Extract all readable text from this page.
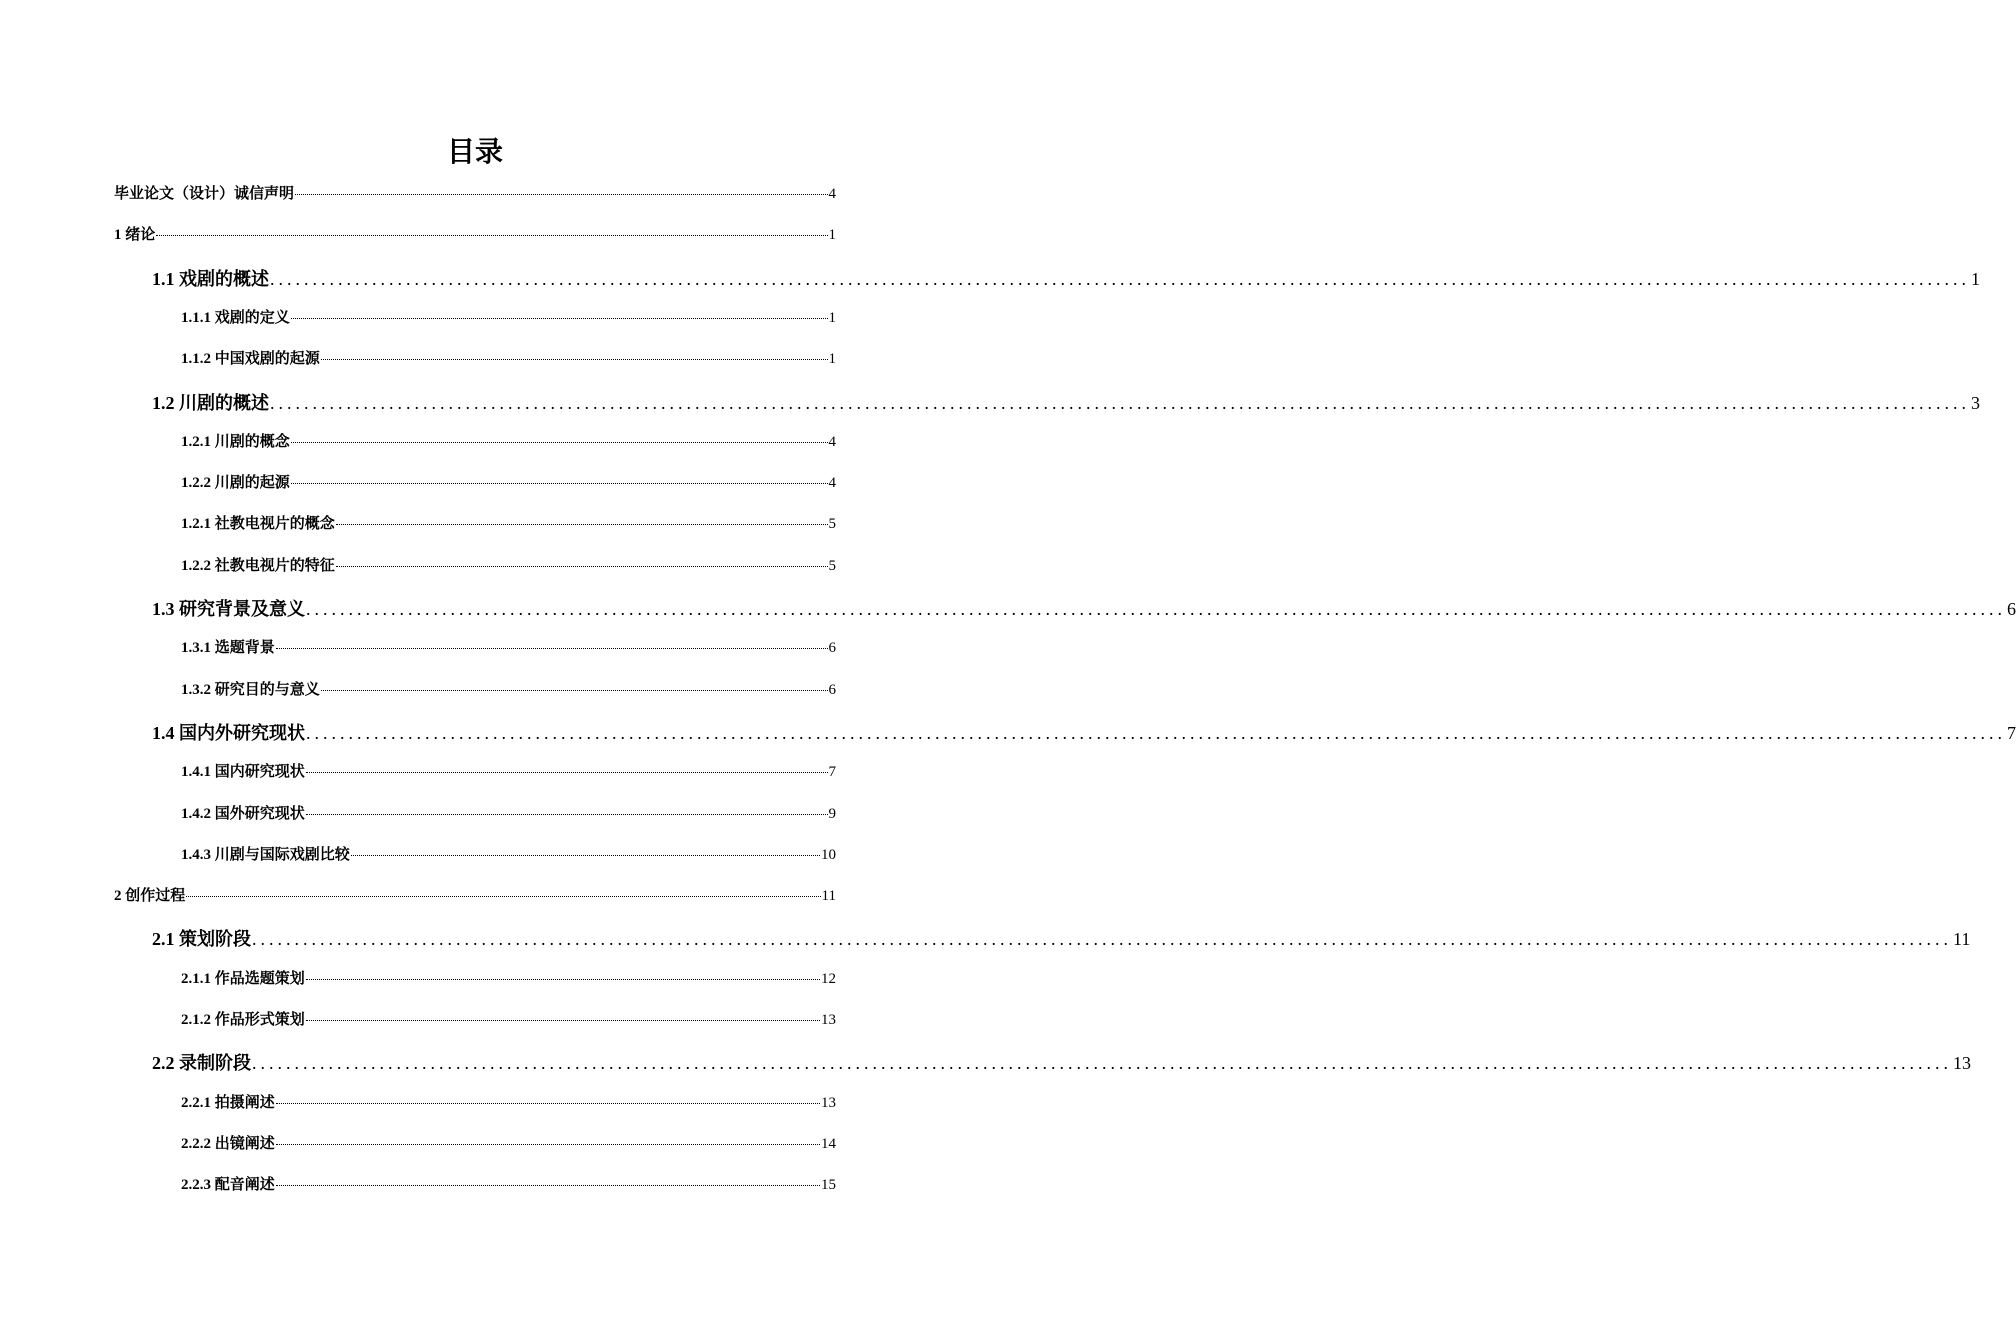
目录
毕业论文（设计）诚信声明	4
1 绪论	1
1.1 戏剧的概述 ........................................................................................................................................................................................................ 1
1.1.1 戏剧的定义	1
1.1.2 中国戏剧的起源	1
1.2 川剧的概述 ........................................................................................................................................................................................................ 3
1.2.1 川剧的概念	4
1.2.2 川剧的起源	4
1.2.1 社教电视片的概念	5
1.2.2 社教电视片的特征	5
1.3 研究背景及意义 ........................................................................................................................................................................................................ 6
1.3.1 选题背景	6
1.3.2 研究目的与意义	6
1.4 国内外研究现状 ........................................................................................................................................................................................................ 7
1.4.1 国内研究现状	7
1.4.2 国外研究现状	9
1.4.3 川剧与国际戏剧比较	10
2 创作过程	11
2.1 策划阶段 ........................................................................................................................................................................................................ 11
2.1.1 作品选题策划	12
2.1.2 作品形式策划	13
2.2 录制阶段 ........................................................................................................................................................................................................ 13
2.2.1 拍摄阐述	13
2.2.2 出镜阐述	14
2.2.3 配音阐述	15
